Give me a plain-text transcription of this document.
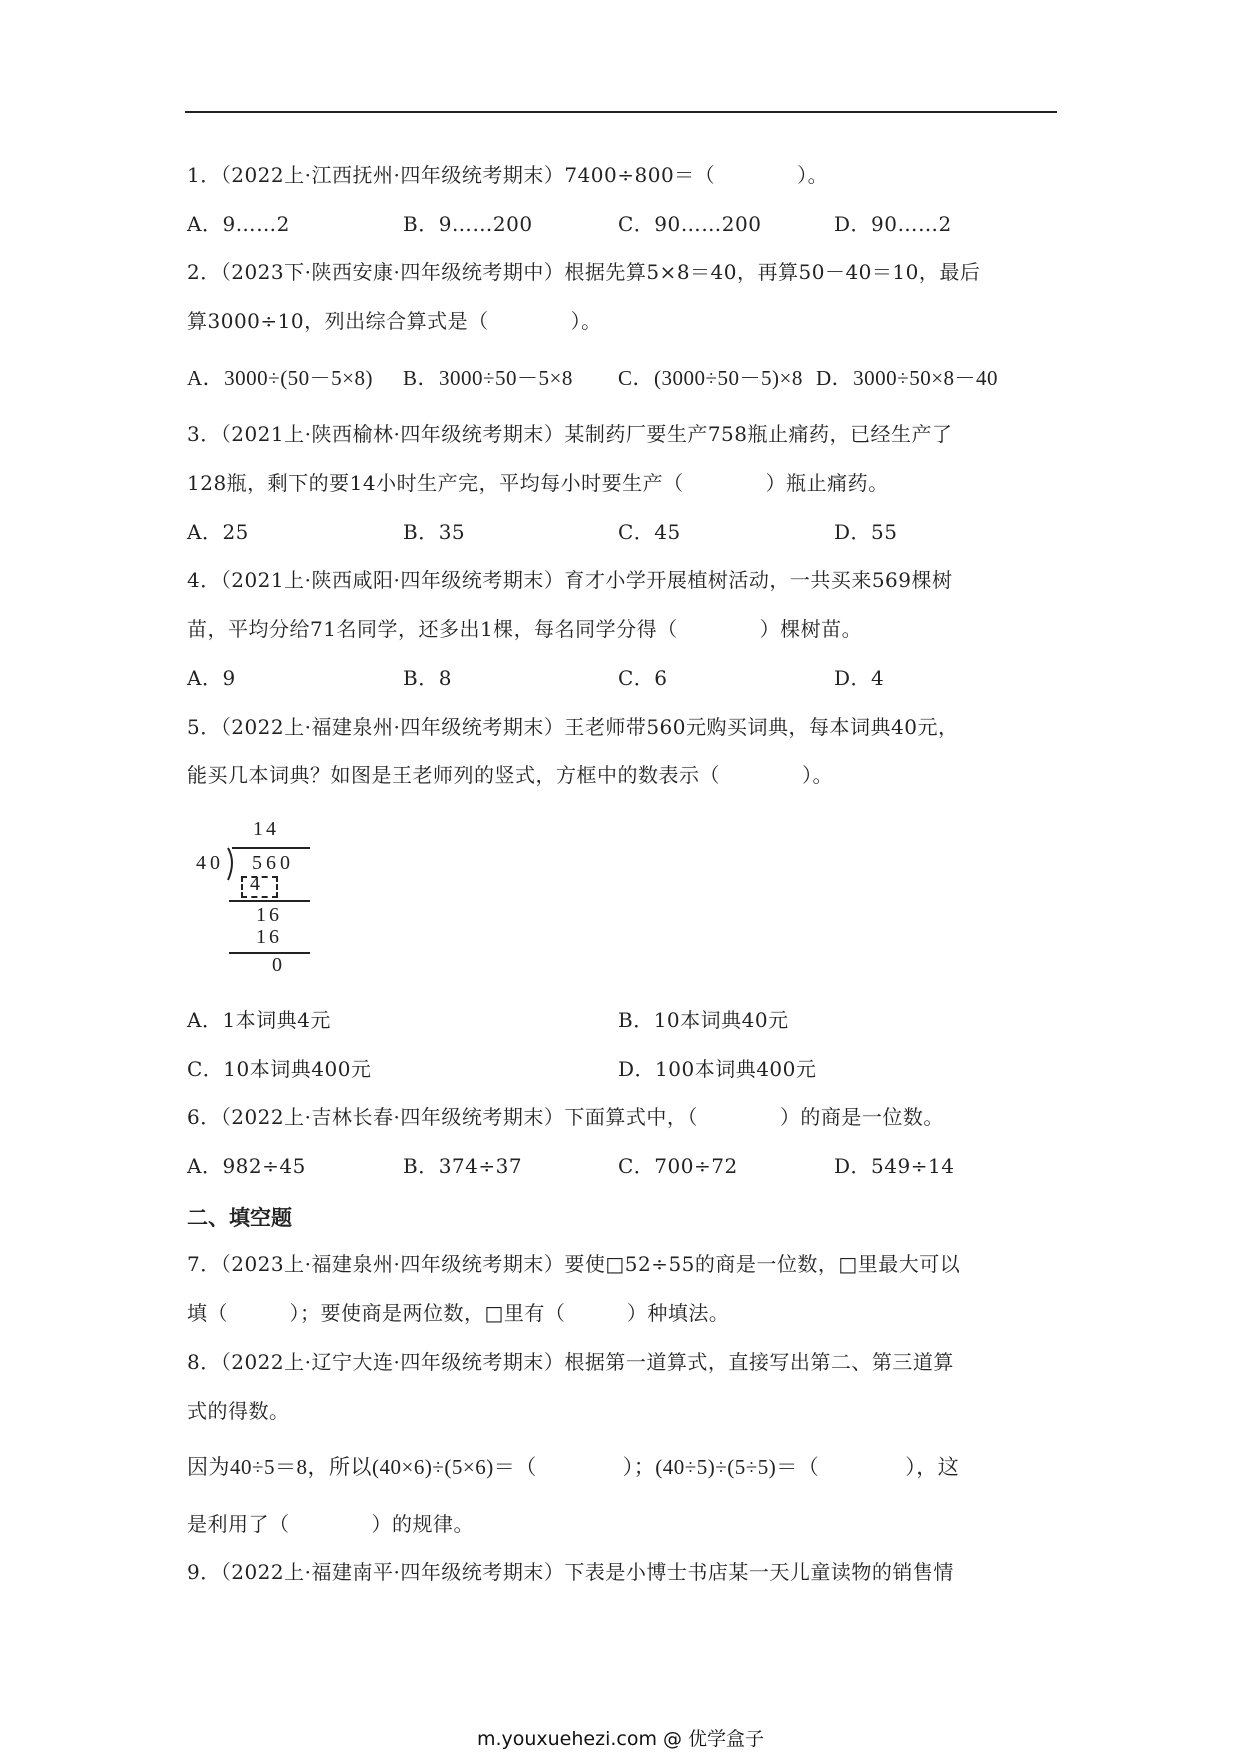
1．（2022上·江西抚州·四年级统考期末）7400÷800＝（　　　　）。
A．9……2	B．9……200	C．90……200	D．90……2
2．（2023下·陕西安康·四年级统考期中）根据先算5×8＝40，再算50－40＝10，最后
算3000÷10，列出综合算式是（　　　　）。
A．3000÷(50－5×8) B．3000÷50－5×8 C．(3000÷50－5)×8 D．3000÷50×8－40
3．（2021上·陕西榆林·四年级统考期末）某制药厂要生产758瓶止痛药，已经生产了
128瓶，剩下的要14小时生产完，平均每小时要生产（　　　　）瓶止痛药。
A．25	B．35	C．45	D．55
4．（2021上·陕西咸阳·四年级统考期末）育才小学开展植树活动，一共买来569棵树
苗，平均分给71名同学，还多出1棵，每名同学分得（　　　　）棵树苗。
A．9	B．8	C．6	D．4
5．（2022上·福建泉州·四年级统考期末）王老师带560元购买词典，每本词典40元，
能买几本词典？如图是王老师列的竖式，方框中的数表示（　　　　）。
14
40 560
4
16
16
0
A．1本词典4元	B．10本词典40元
C．10本词典400元	D．100本词典400元
6．（2022上·吉林长春·四年级统考期末）下面算式中，（　　　　）的商是一位数。
A．982÷45	B．374÷37	C．700÷72	D．549÷14
二、填空题
7．（2023上·福建泉州·四年级统考期末）要使□52÷55的商是一位数，□里最大可以
填（　　　）；要使商是两位数，□里有（　　　）种填法。
8．（2022上·辽宁大连·四年级统考期末）根据第一道算式，直接写出第二、第三道算
式的得数。
因为40÷5＝8，所以(40×6)÷(5×6)＝（　　　　）；(40÷5)÷(5÷5)＝（　　　　），这
是利用了（　　　　）的规律。
9．（2022上·福建南平·四年级统考期末）下表是小博士书店某一天儿童读物的销售情
m.youxuehezi.com @ 优学盒子
